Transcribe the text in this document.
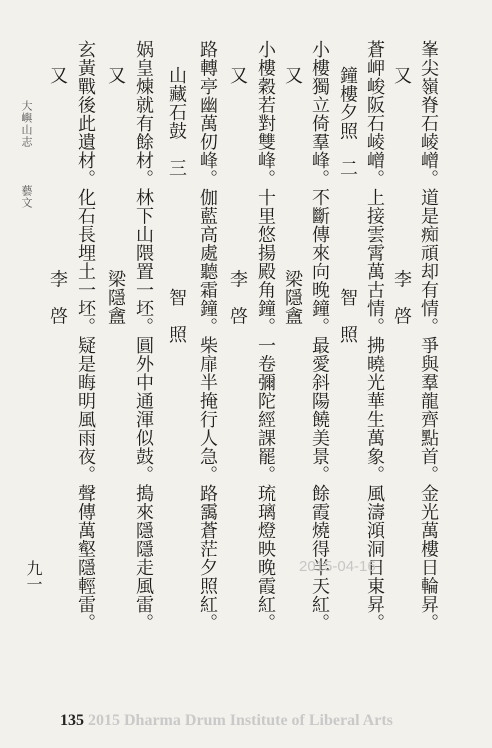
峯尖嶺脊石崚嶒。道是痴頑却有情。爭與羣龍齊點首。金光萬樓日輪昇。
又　　　　　　　　　　李　啓
蒼岬峻阪石崚嶒。上接雲霄萬古情。拂曉光華生萬象。風濤澒洞日東昇。
鐘樓夕照　二　　　　　　智　照
小樓獨立倚羣峰。不斷傳來向晚鐘。最愛斜陽饒美景。餘霞燒得半天紅。
又　　　　　　　　　　梁隱盦
小樓穀若對雙峰。十里悠揚殿角鐘。一卷彌陀經課罷。琉璃燈映晚霞紅。
又　　　　　　　　　　李　啓
路轉亭幽萬仞峰。伽藍高處聽霜鐘。柴扉半掩行人急。路靄蒼茫夕照紅。
山藏石鼓　三　　　　　　智　照
娲皇煉就有餘材。林下山隈置一坯。圓外中通渾似鼓。搗來隱隱走風雷。
又　　　　　　　　　　梁隱盦
玄黃戰後此遺材。化石長埋土一坯。疑是晦明風雨夜。聲傳萬壑隱輕雷。
又　　　　　　　　　　李　啓
大嶼山志
藝文
九一	2015-04-16
135 2015 Dharma Drum Institute of Liberal Arts
